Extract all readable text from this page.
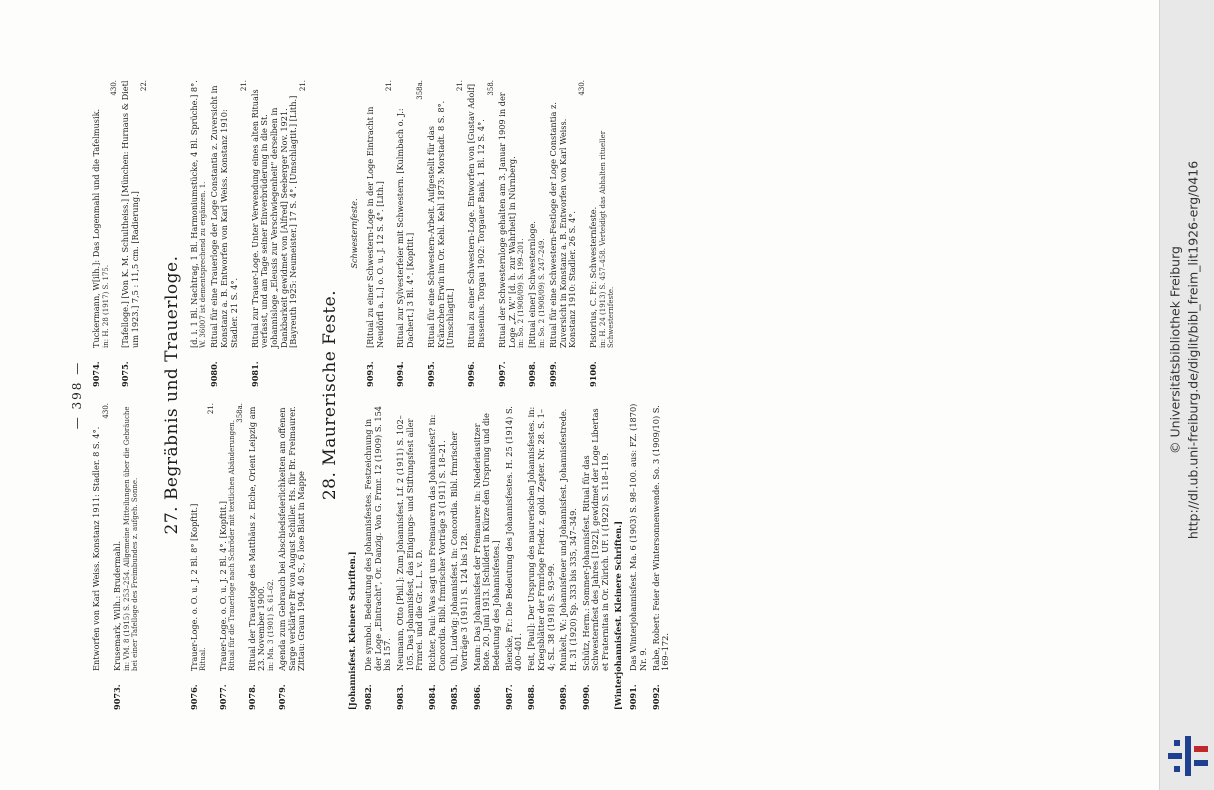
— 398 —
Entworfen von Karl Weiss. Konstanz 1911: Stadler. 8 S. 4°.
430.
9073.
Krusemark, Wilh.: Brudermahl. in: VM. 8 (1915) S. 253–254. Allgemeine Mitteilungen über die Gebräuche bei einer Tafelloge des Freimbundes z. aufgeh. Sonne.
9074.
Tuckermann, W[ilh.]: Das Logenmahl und die Tafelmusik. in: H. 28 (1917) S. 175.
430.
9075.
[Tafelloge.] [Von K. M. Schultheiss.] [München: Hurnaus & Dietl um 1923.] 7,5 : 11,5 cm. [Radierung.]
22.
27. Begräbnis und Trauerloge.
9076.
Trauer-Loge. o. O. u. J. 2 Bl. 8° [Kopftit.] Ritual.
21.
9077.
Trauer-Loge. o. O. u. J. 2 Bl. 4°. [Kopftit.] Ritual für die Trauerloge nach Schröder mit textlichen Abänderungen.
358a.
9078.
Ritual der Trauerloge des Matthäus z. Eiche, Orient Leipzig am 23. November 1900. in: Ma. 3 (1901) S. 61–62.
9079.
Agenda zum Gebrauch bei Abschiedsfeierlichkeiten am offenen Sarge verklärter Br von August Schiller. Hs. für Br. Freimaurer. Zittau: Graun 1904. 40 S., 6 lose Blatt in Mappe
[d. i. 1 Bl. Nachtrag, 1 Bl. Harmoniumstücke, 4 Bl. Sprüche.] 8°. W. 36007 ist dementsprechend zu ergänzen. 1.
9080.
Ritual für eine Trauerloge der Loge Constantia z. Zuversicht in Konstanz a. B. Entworfen von Karl Weiss. Konstanz 1910: Stadler. 21 S. 4°.
21.
9081.
Ritual zur Trauer-Loge. Unter Verwendung eines alten Rituals verfasst, und am Tage seiner Einverbrüderung in die St. Johannisloge „Eleusis zur Verschwiegenheit" derselben in Dankbarkeit gewidmet von [Alfred] Seeberger Nov. 1921. [Bayreuth 1925: Neumeister.] 17 S. 4°. [Umschlagtit.] [Lith.]
21.
28. Maurerische Feste.
[Johannisfest. Kleinere Schriften.] 9082.
Die symbol. Bedeutung des Johannisfestes. Festzeichnung in der Loge „Eintracht", Or. Danzig. Von G. Frmr. 12 (1909) S. 154 bis 157.
9083.
Neumann, Otto [Phil.]: Zum Johannisfest. Lf. 2 (1911) S. 102–105. Das Johannisfest, das Einigungs- und Stiftungsfest aller Frmrei. und die Gr. L. L. v. D.
9084.
Richter, Paul: Was sagt uns Freimaurern das Johannisfest? in: Concordia. Bibl. frmrischer Vorträge 3 (1911) S. 18–21.
9085.
Uhl, Ludwig: Johannisfest. in: Concordia. Bibl. frmrischer Vorträge 3 (1911) S. 124 bis 128.
9086.
Mann: Das Johannisfest der Freimaurer. in: Niederlausitzer Bote. 20. Juni 1913. [Schildert in Kürze den Ursprung und die Bedeutung des Johannisfestes.]
9087.
Blencke, Fr.: Die Bedeutung des Johannisfestes. H. 25 (1914) S. 400–401.
9088.
Feit, [Paul]: Der Ursprung des maurerischen Johannisfestes. in: Kriegsblätter der Frmrloge Friedr. z. gold. Zepter. Nr. 28. S. 1–4; SL. 38 (1918) S. 93–99.
9089.
Munkelt, W.: Johannisfeuer und Johannisfest. Johannisfestrede. H. 31 (1920) Sp. 333 bis 335, 347–349.
9090.
Schütz, Herm.: Sommer-Johannisfest. Ritual für das Schwesternfest des Jahres [1922], gewidmet der Loge Libertas et Fraternitas in Or. Zürich. UF. i (1922) S. 118–119. [Winterjohannisfest. Kleinere Schriften.] 9091.
Das Winterjohannisfest. Ma. 6 (1903) S. 98–100. aus: FZ. (1870) Nr. 9.
9092.
Rabe, Robert: Feier der Wintersonnenwende. So. 3 (1909/10) S. 169–172.
Schwesternfeste.
9093.
[Ritual zu einer Schwestern-Loge in der Loge Eintracht in Neudörfl a. L.] o. O. u. J. 12 S. 4°. [Lith.]
21.
9094.
Ritual zur Sylvesterfeier mit Schwestern. [Kulmbach o. J.: Dachert.] 3 Bl. 4°. [Kopftit.]
358a.
9095.
Ritual für eine Schwestern-Arbeit. Aufgestellt für das Kränzchen Erwin im Or. Kehl. Kehl 1873: Morstadt. 8 S. 8°. [Umschlagtit.]
21.
9096.
Ritual zu einer Schwestern-Loge. Entworfen von [Gustav Adolf] Bussenius. Torgau 1902: Torgauer Bank. 1 Bl. 12 S. 4°.
358.
9097.
Ritual der Schwesternloge gehalten am 3. Januar 1909 in der Loge „Z. W." [d. h. zur Wahrheit] in Nürnberg. in: So. 2 (1908/09) S. 199–201.
9098.
[Ritual einer] Schwesternloge. in: So. 2 (1908/09) S. 247–249.
9099.
Ritual für eine Schwestern-Festloge der Loge Constantia z. Zuversicht in Konstanz a. B. Entworfen von Karl Weiss. Konstanz 1910: Stadler. 26 S. 4°.
430.
9100.
Pistorius, C. Fr.: Schwesternfeste. in: H. 24 (1913) S. 457–458. Verteidigt das Abhalten ritueller Schwesternfeste.	© Universitätsbibliothek Freiburg http://dl.ub.uni-freiburg.de/diglit/bibl_freim_lit1926-erg/0416
